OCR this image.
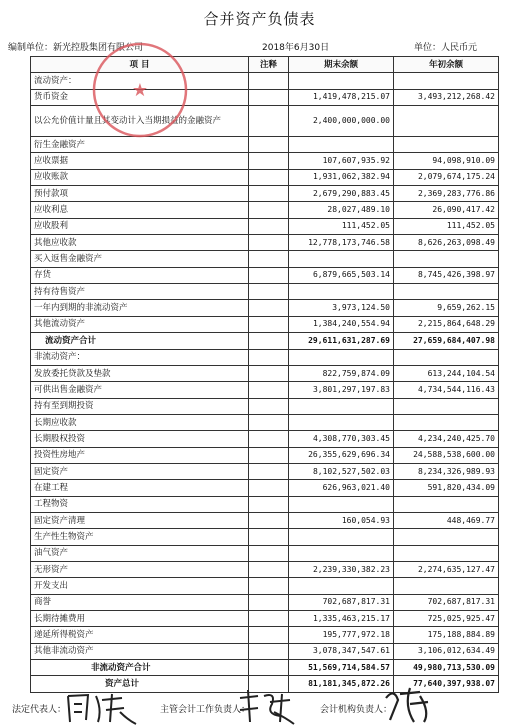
合并资产负债表
编制单位：新光控股集团有限公司	2018年6月30日	单位：人民币元
项 目	注释	期末余额	年初余额
流动资产：			
货币资金		1,419,478,215.07	3,493,212,268.42
以公允价值计量且其变动计入当期损益的金融资产		2,400,000,000.00	
衍生金融资产			
应收票据		107,607,935.92	94,098,910.09
应收账款		1,931,062,382.94	2,079,674,175.24
预付款项		2,679,290,883.45	2,369,283,776.86
应收利息		28,027,489.10	26,090,417.42
应收股利		111,452.05	111,452.05
其他应收款		12,778,173,746.58	8,626,263,098.49
买入返售金融资产			
存货		6,879,665,503.14	8,745,426,398.97
持有待售资产			
一年内到期的非流动资产		3,973,124.50	9,659,262.15
其他流动资产		1,384,240,554.94	2,215,864,648.29
流动资产合计		29,611,631,287.69	27,659,684,407.98
非流动资产：			
发放委托贷款及垫款		822,759,874.09	613,244,104.54
可供出售金融资产		3,801,297,197.83	4,734,544,116.43
持有至到期投资			
长期应收款			
长期股权投资		4,308,770,303.45	4,234,240,425.70
投资性房地产		26,355,629,696.34	24,588,538,600.00
固定资产		8,102,527,502.03	8,234,326,989.93
在建工程		626,963,021.40	591,820,434.09
工程物资			
固定资产清理		160,054.93	448,469.77
生产性生物资产			
油气资产			
无形资产		2,239,330,382.23	2,274,635,127.47
开发支出			
商誉		702,687,817.31	702,687,817.31
长期待摊费用		1,335,463,215.17	725,025,925.47
递延所得税资产		195,777,972.18	175,188,884.89
其他非流动资产		3,078,347,547.61	3,106,012,634.49
非流动资产合计		51,569,714,584.57	49,980,713,530.09
资产总计		81,181,345,872.26	77,640,397,938.07
★
法定代表人：	主管会计工作负责人：	会计机构负责人：
